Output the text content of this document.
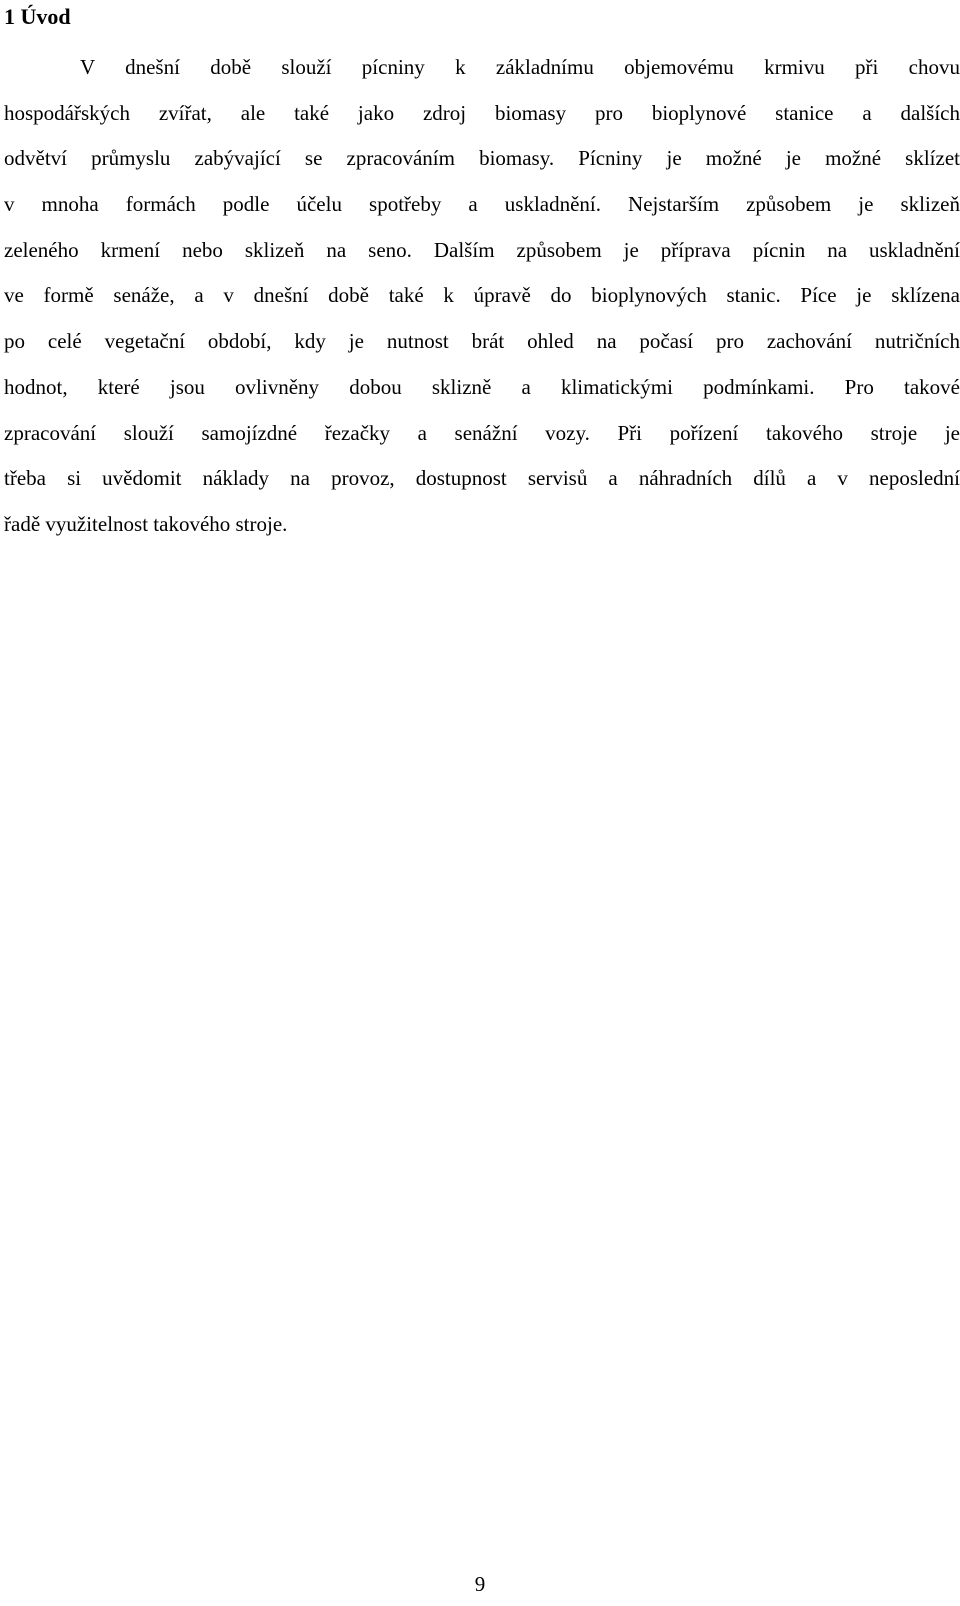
1 Úvod
V dnešní době slouží pícniny k základnímu objemovému krmivu při chovu
hospodářských zvířat, ale také jako zdroj biomasy pro bioplynové stanice a dalších
odvětví průmyslu zabývající se zpracováním biomasy. Pícniny je možné je možné sklízet
v mnoha formách podle účelu spotřeby a uskladnění. Nejstarším způsobem je sklizeň
zeleného krmení nebo sklizeň na seno. Dalším způsobem je příprava pícnin na uskladnění
ve formě senáže, a v dnešní době také k úpravě do bioplynových stanic. Píce je sklízena
po celé vegetační období, kdy je nutnost brát ohled na počasí pro zachování nutričních
hodnot, které jsou ovlivněny dobou sklizně a klimatickými podmínkami. Pro takové
zpracování slouží samojízdné řezačky a senážní vozy. Při pořízení takového stroje je
třeba si uvědomit náklady na provoz, dostupnost servisů a náhradních dílů a v neposlední
řadě využitelnost takového stroje.
9
